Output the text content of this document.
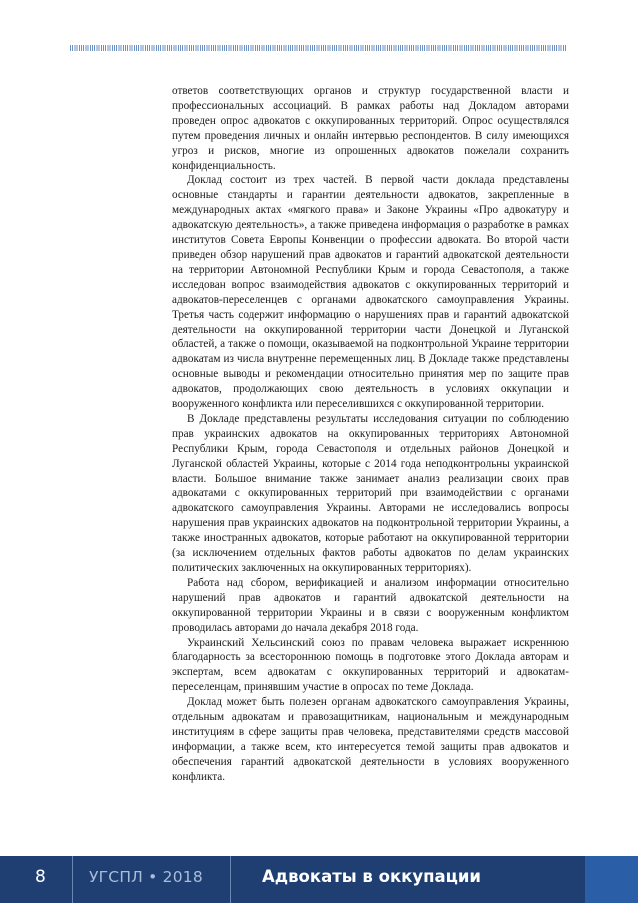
ответов соответствующих органов и структур государственной власти и профессиональных ассоциаций. В рамках работы над Докладом авторами проведен опрос адвокатов с оккупированных территорий. Опрос осуществлялся путем проведения личных и онлайн интервью респондентов. В силу имеющихся угроз и рисков, многие из опрошенных адвокатов пожелали сохранить конфиденциальность.

Доклад состоит из трех частей. В первой части доклада представлены основные стандарты и гарантии деятельности адвокатов, закрепленные в международных актах «мягкого права» и Законе Украины «Про адвокатуру и адвокатскую деятельность», а также приведена информация о разработке в рамках институтов Совета Европы Конвенции о профессии адвоката. Во второй части приведен обзор нарушений прав адвокатов и гарантий адвокатской деятельности на территории Автономной Республики Крым и города Севастополя, а также исследован вопрос взаимодействия адвокатов с оккупированных территорий и адвокатов-переселенцев с органами адвокатского самоуправления Украины. Третья часть содержит информацию о нарушениях прав и гарантий адвокатской деятельности на оккупированной территории части Донецкой и Луганской областей, а также о помощи, оказываемой на подконтрольной Украине территории адвокатам из числа внутренне перемещенных лиц. В Докладе также представлены основные выводы и рекомендации относительно принятия мер по защите прав адвокатов, продолжающих свою деятельность в условиях оккупации и вооруженного конфликта или переселившихся с оккупированной территории.

В Докладе представлены результаты исследования ситуации по соблюдению прав украинских адвокатов на оккупированных территориях Автономной Республики Крым, города Севастополя и отдельных районов Донецкой и Луганской областей Украины, которые с 2014 года неподконтрольны украинской власти. Большое внимание также занимает анализ реализации своих прав адвокатами с оккупированных территорий при взаимодействии с органами адвокатского самоуправления Украины. Авторами не исследовались вопросы нарушения прав украинских адвокатов на подконтрольной территории Украины, а также иностранных адвокатов, которые работают на оккупированной территории (за исключением отдельных фактов работы адвокатов по делам украинских политических заключенных на оккупированных территориях).

Работа над сбором, верификацией и анализом информации относительно нарушений прав адвокатов и гарантий адвокатской деятельности на оккупированной территории Украины и в связи с вооруженным конфликтом проводилась авторами до начала декабря 2018 года.

Украинский Хельсинский союз по правам человека выражает искреннюю благодарность за всестороннюю помощь в подготовке этого Доклада авторам и экспертам, всем адвокатам с оккупированных территорий и адвокатам-переселенцам, принявшим участие в опросах по теме Доклада.

Доклад может быть полезен органам адвокатского самоуправления Украины, отдельным адвокатам и правозащитникам, национальным и международным институциям в сфере защиты прав человека, представителями средств массовой информации, а также всем, кто интересуется темой защиты прав адвокатов и обеспечения гарантий адвокатской деятельности в условиях вооруженного конфликта.

8	УГСПЛ • 2018	Адвокаты в оккупации
